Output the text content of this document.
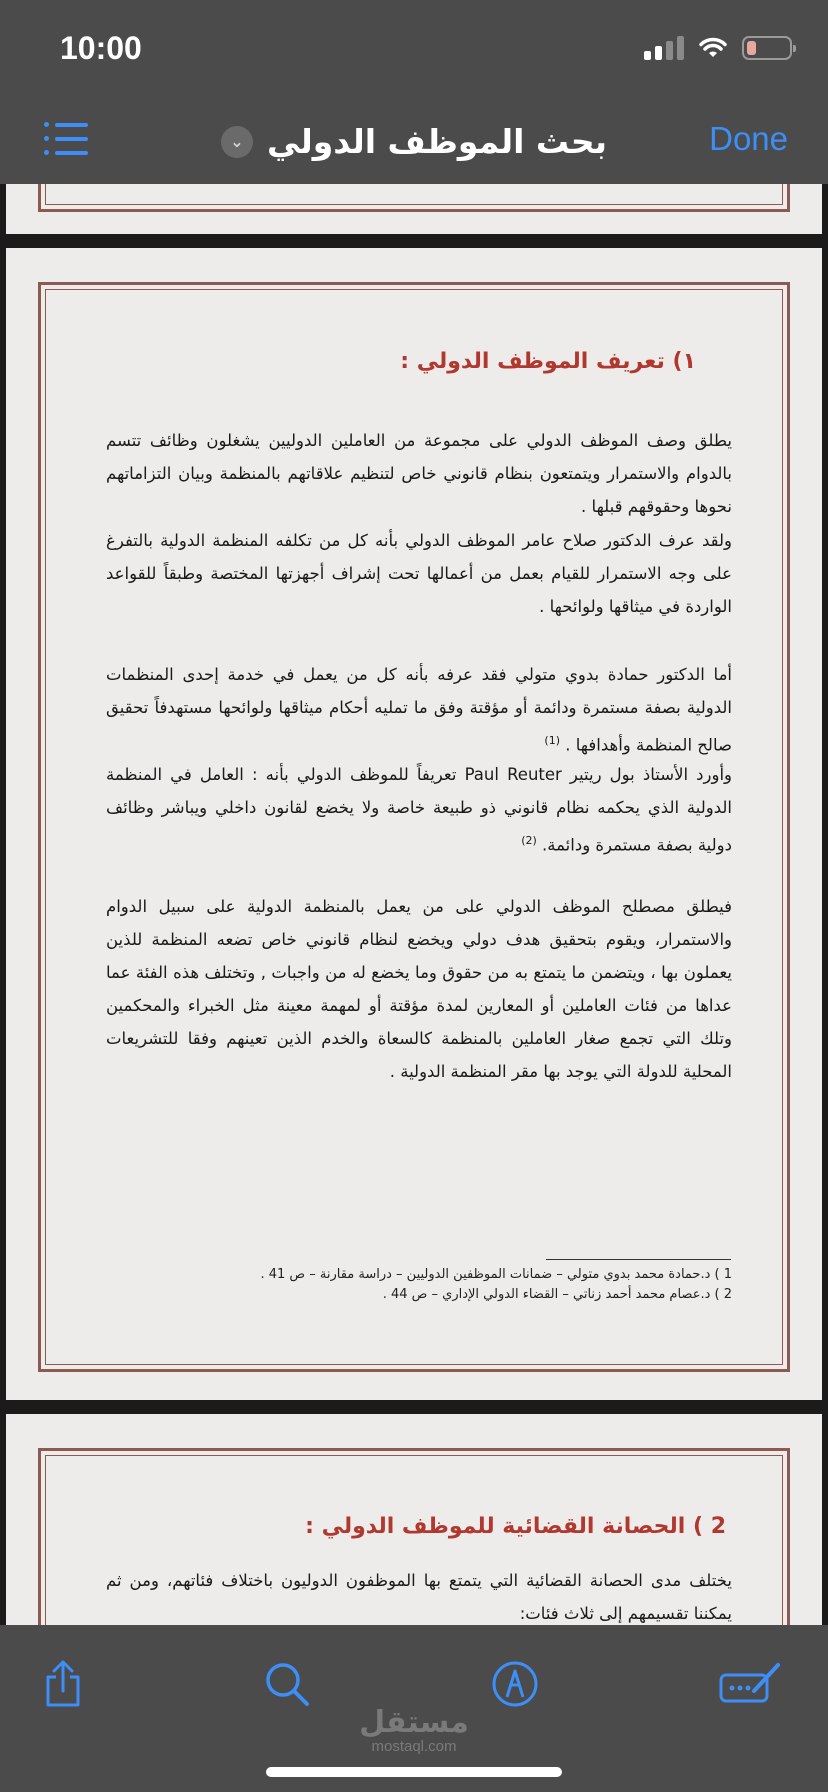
10:00
⌄ بحث الموظف الدولي	Done
١) تعريف الموظف الدولي :
يطلق وصف الموظف الدولي على مجموعة من العاملين الدوليين يشغلون وظائف تتسم بالدوام والاستمرار ويتمتعون بنظام قانوني خاص لتنظيم علاقاتهم بالمنظمة وبيان التزاماتهم نحوها وحقوقهم قبلها .
ولقد عرف الدكتور صلاح عامر الموظف الدولي بأنه كل من تكلفه المنظمة الدولية بالتفرغ على وجه الاستمرار للقيام بعمل من أعمالها تحت إشراف أجهزتها المختصة وطبقاً للقواعد الواردة في ميثاقها ولوائحها .
أما الدكتور حمادة بدوي متولي فقد عرفه بأنه كل من يعمل في خدمة إحدى المنظمات الدولية بصفة مستمرة ودائمة أو مؤقتة وفق ما تمليه أحكام ميثاقها ولوائحها مستهدفاً تحقيق صالح المنظمة وأهدافها . $^{(1)}$
وأورد الأستاذ بول ريتير Paul Reuter تعريفاً للموظف الدولي بأنه : العامل في المنظمة الدولية الذي يحكمه نظام قانوني ذو طبيعة خاصة ولا يخضع لقانون داخلي ويباشر وظائف دولية بصفة مستمرة ودائمة. $^{(2)}$
فيطلق مصطلح الموظف الدولي على من يعمل بالمنظمة الدولية على سبيل الدوام والاستمرار، ويقوم بتحقيق هدف دولي ويخضع لنظام قانوني خاص تضعه المنظمة للذين يعملون بها ، ويتضمن ما يتمتع به من حقوق وما يخضع له من واجبات , وتختلف هذه الفئة عما عداها من فئات العاملين أو المعارين لمدة مؤقتة أو لمهمة معينة مثل الخبراء والمحكمين وتلك التي تجمع صغار العاملين بالمنظمة كالسعاة والخدم الذين تعينهم وفقا للتشريعات المحلية للدولة التي يوجد بها مقر المنظمة الدولية .
1 ) د.حمادة محمد بدوي متولي – ضمانات الموظفين الدوليين – دراسة مقارنة – ص 41 .
2 ) د.عصام محمد أحمد زناتي – القضاء الدولي الإداري – ص 44 .
2 ) الحصانة القضائية للموظف الدولي :
يختلف مدى الحصانة القضائية التي يتمتع بها الموظفون الدوليون باختلاف فئاتهم، ومن ثم يمكننا تقسيمهم إلى ثلاث فئات:
مستقل
mostaql.com
